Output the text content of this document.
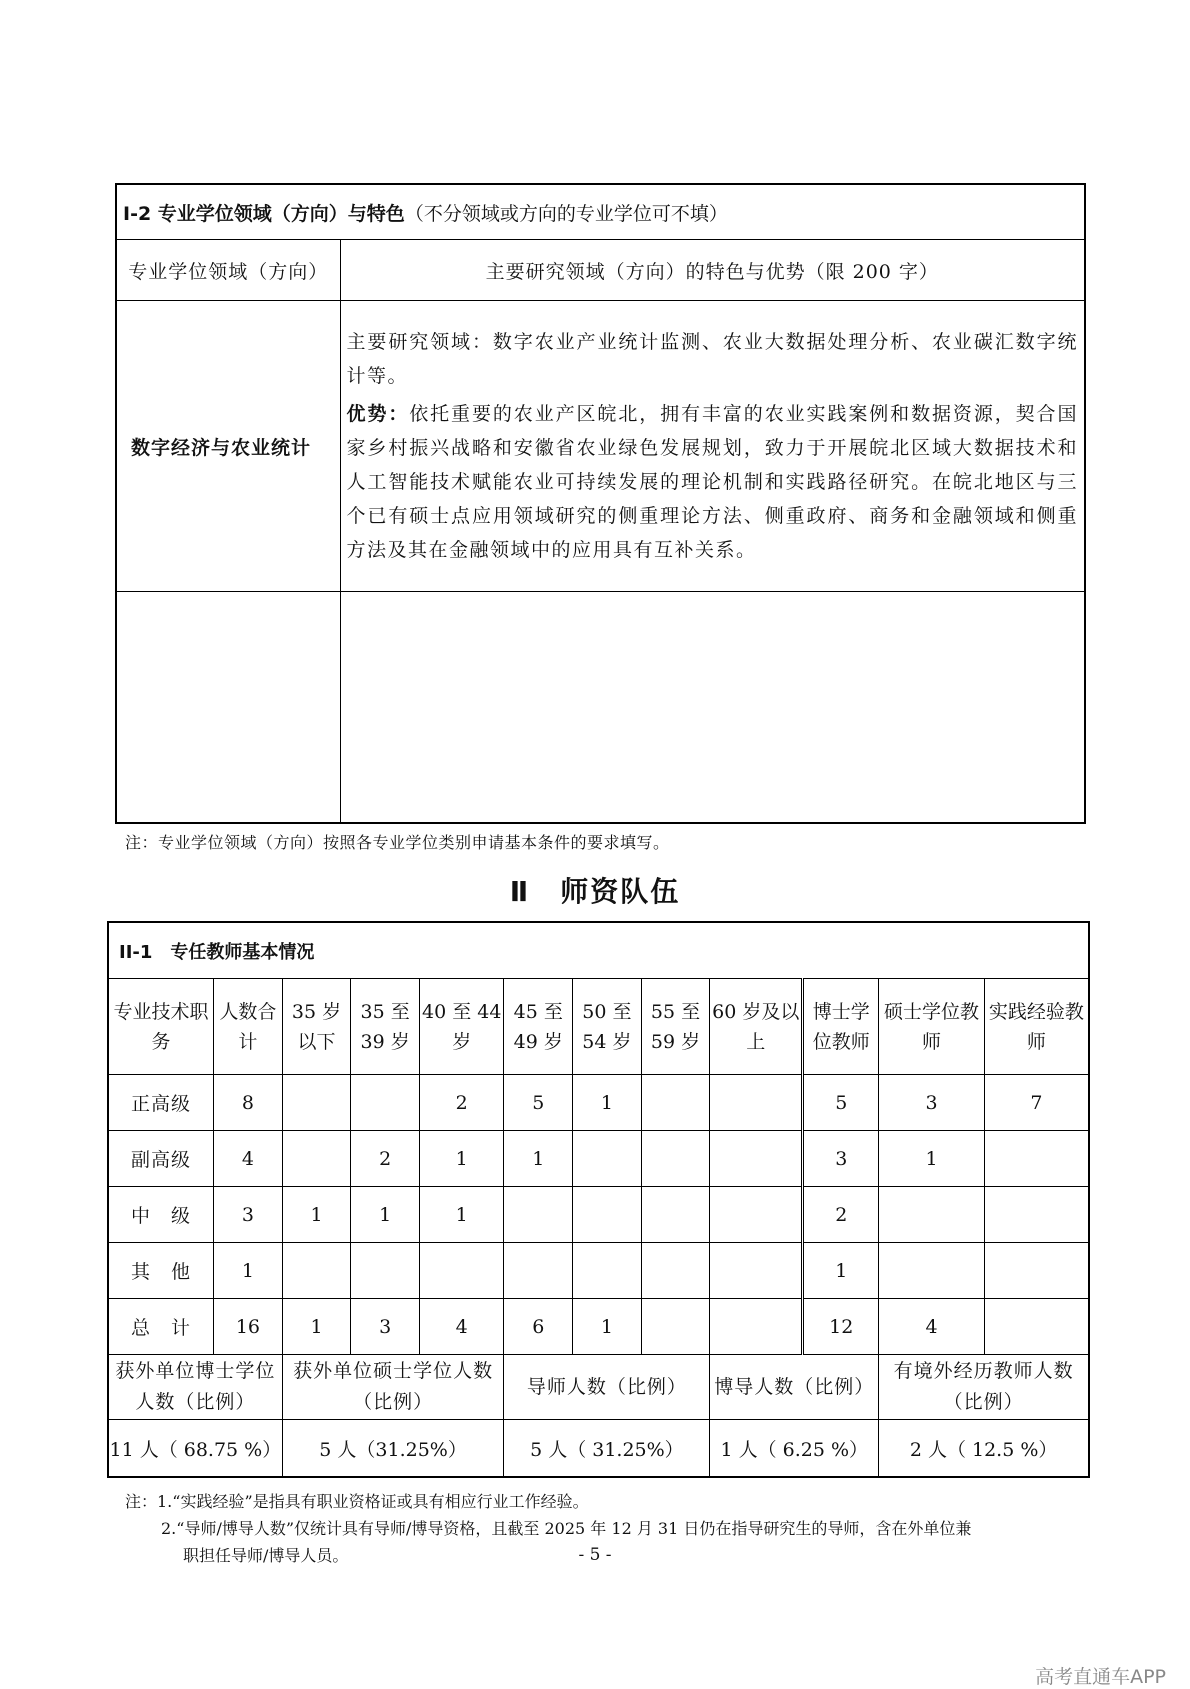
I-2 专业学位领域（方向）与特色（不分领域或方向的专业学位可不填）	
专业学位领域（方向）	主要研究领域（方向）的特色与优势（限 200 字）
数字经济与农业统计	主要研究领域：数字农业产业统计监测、农业大数据处理分析、农业碳汇数字统计等。
优势：依托重要的农业产区皖北，拥有丰富的农业实践案例和数据资源，契合国家乡村振兴战略和安徽省农业绿色发展规划，致力于开展皖北区域大数据技术和人工智能技术赋能农业可持续发展的理论机制和实践路径研究。在皖北地区与三个已有硕士点应用领域研究的侧重理论方法、侧重政府、商务和金融领域和侧重方法及其在金融领域中的应用具有互补关系。

注：专业学位领域（方向）按照各专业学位类别申请基本条件的要求填写。
Ⅱ　师资队伍
II-1　专任教师基本情况											
专业技术职务	人数合计	35 岁以下	35 至 39 岁	40 至 44 岁	45 至 49 岁	50 至 54 岁	55 至 59 岁	60 岁及以上	博士学位教师	硕士学位教师	实践经验教师
正高级	8			2	5	1			5	3	7
副高级	4		2	1	1				3	1	
中　级	3	1	1	1					2		
其　他	1								1		
总　计	16	1	3	4	6	1			12	4	
获外单位博士学位人数（比例）		获外单位硕士学位人数（比例）			导师人数（比例）			博导人数（比例）		有境外经历教师人数（比例）	
11 人（ 68.75 %）		5 人（31.25%）			5 人（ 31.25%）			1 人（ 6.25 %）		2 人（ 12.5 %）	
注：1.“实践经验”是指具有职业资格证或具有相应行业工作经验。
2.“导师/博导人数”仅统计具有导师/博导资格，且截至 2025 年 12 月 31 日仍在指导研究生的导师，含在外单位兼
职担任导师/博导人员。	- 5 -
高考直通车APP
